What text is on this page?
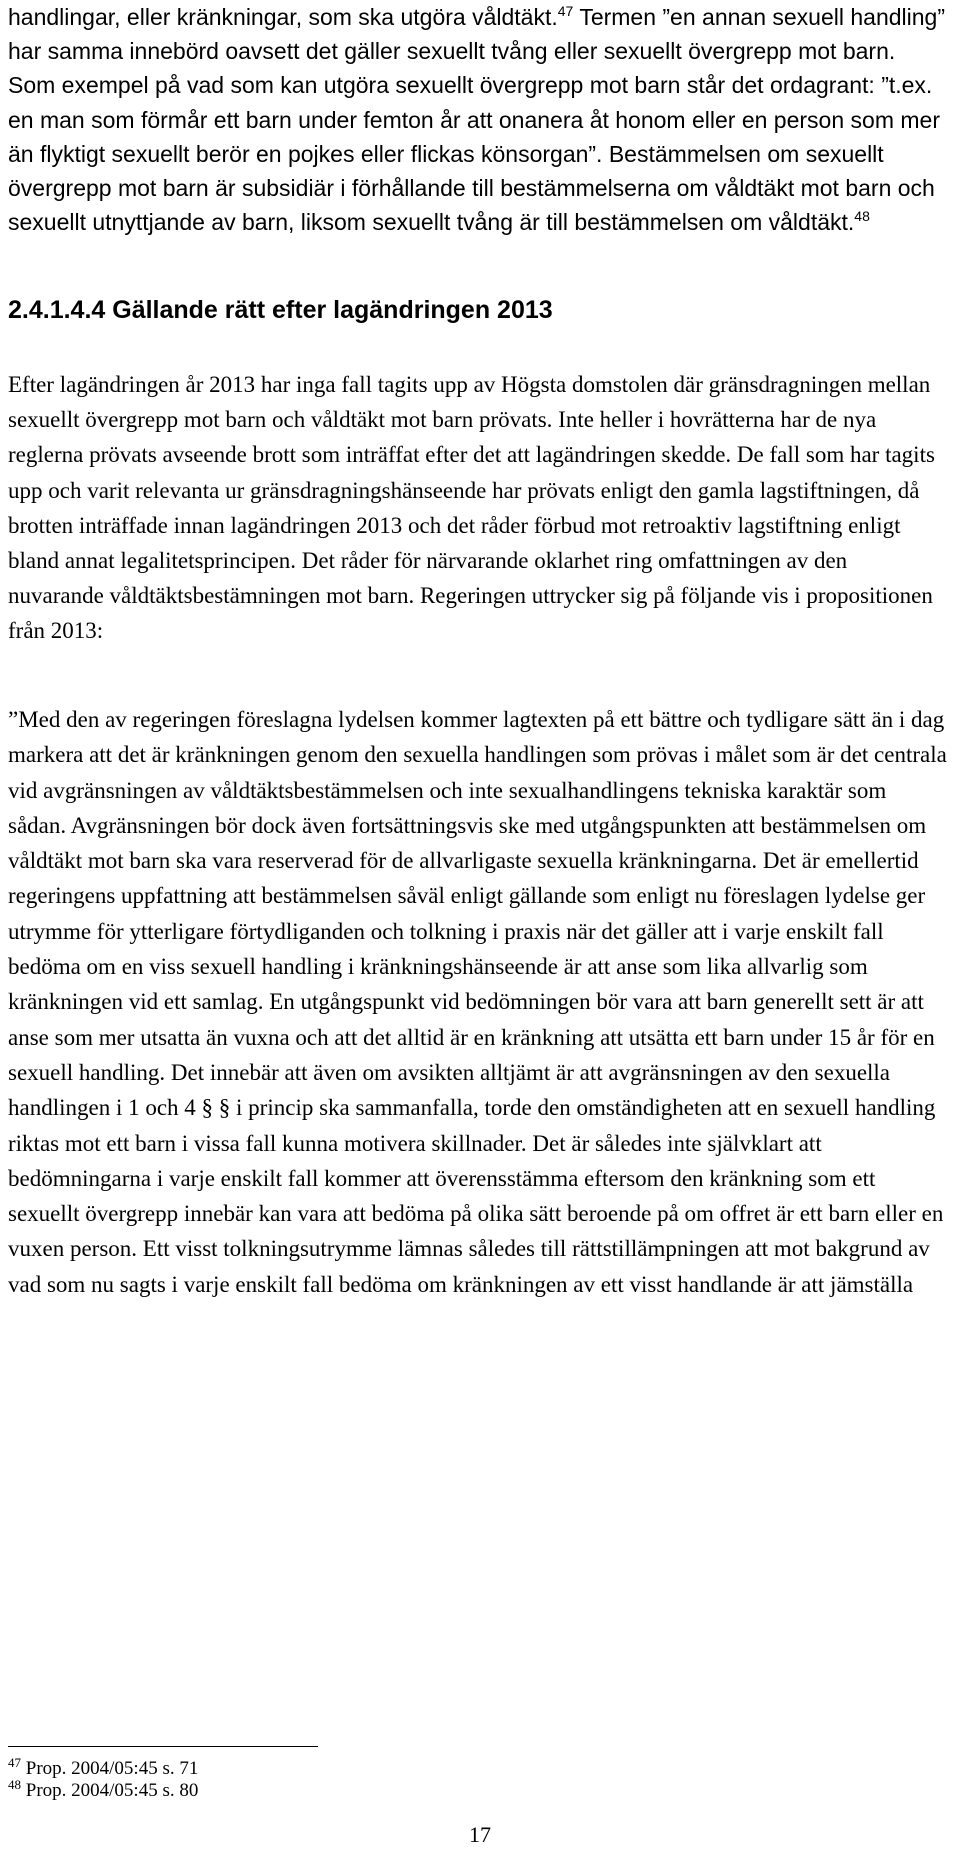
handlingar, eller kränkningar, som ska utgöra våldtäkt.$^{47}$ Termen ”en annan sexuell handling” har samma innebörd oavsett det gäller sexuellt tvång eller sexuellt övergrepp mot barn. Som exempel på vad som kan utgöra sexuellt övergrepp mot barn står det ordagrant: ”t.ex. en man som förmår ett barn under femton år att onanera åt honom eller en person som mer än flyktigt sexuellt berör en pojkes eller flickas könsorgan”. Bestämmelsen om sexuellt övergrepp mot barn är subsidiär i förhållande till bestämmelserna om våldtäkt mot barn och sexuellt utnyttjande av barn, liksom sexuellt tvång är till bestämmelsen om våldtäkt.$^{48}$
2.4.1.4.4 Gällande rätt efter lagändringen 2013
Efter lagändringen år 2013 har inga fall tagits upp av Högsta domstolen där gränsdragningen mellan sexuellt övergrepp mot barn och våldtäkt mot barn prövats. Inte heller i hovrätterna har de nya reglerna prövats avseende brott som inträffat efter det att lagändringen skedde. De fall som har tagits upp och varit relevanta ur gränsdragningshänseende har prövats enligt den gamla lagstiftningen, då brotten inträffade innan lagändringen 2013 och det råder förbud mot retroaktiv lagstiftning enligt bland annat legalitetsprincipen. Det råder för närvarande oklarhet ring omfattningen av den nuvarande våldtäktsbestämningen mot barn. Regeringen uttrycker sig på följande vis i propositionen från 2013:
”Med den av regeringen föreslagna lydelsen kommer lagtexten på ett bättre och tydligare sätt än i dag markera att det är kränkningen genom den sexuella handlingen som prövas i målet som är det centrala vid avgränsningen av våldtäktsbestämmelsen och inte sexualhandlingens tekniska karaktär som sådan. Avgränsningen bör dock även fortsättningsvis ske med utgångspunkten att bestämmelsen om våldtäkt mot barn ska vara reserverad för de allvarligaste sexuella kränkningarna. Det är emellertid regeringens uppfattning att bestämmelsen såväl enligt gällande som enligt nu föreslagen lydelse ger utrymme för ytterligare förtydliganden och tolkning i praxis när det gäller att i varje enskilt fall bedöma om en viss sexuell handling i kränkningshänseende är att anse som lika allvarlig som kränkningen vid ett samlag. En utgångspunkt vid bedömningen bör vara att barn generellt sett är att anse som mer utsatta än vuxna och att det alltid är en kränkning att utsätta ett barn under 15 år för en sexuell handling. Det innebär att även om avsikten alltjämt är att avgränsningen av den sexuella handlingen i 1 och 4 § § i princip ska sammanfalla, torde den omständigheten att en sexuell handling riktas mot ett barn i vissa fall kunna motivera skillnader. Det är således inte självklart att bedömningarna i varje enskilt fall kommer att överensstämma eftersom den kränkning som ett sexuellt övergrepp innebär kan vara att bedöma på olika sätt beroende på om offret är ett barn eller en vuxen person. Ett visst tolkningsutrymme lämnas således till rättstillämpningen att mot bakgrund av vad som nu sagts i varje enskilt fall bedöma om kränkningen av ett visst handlande är att jämställa
$^{47}$ Prop. 2004/05:45 s. 71
$^{48}$ Prop. 2004/05:45 s. 80
17
